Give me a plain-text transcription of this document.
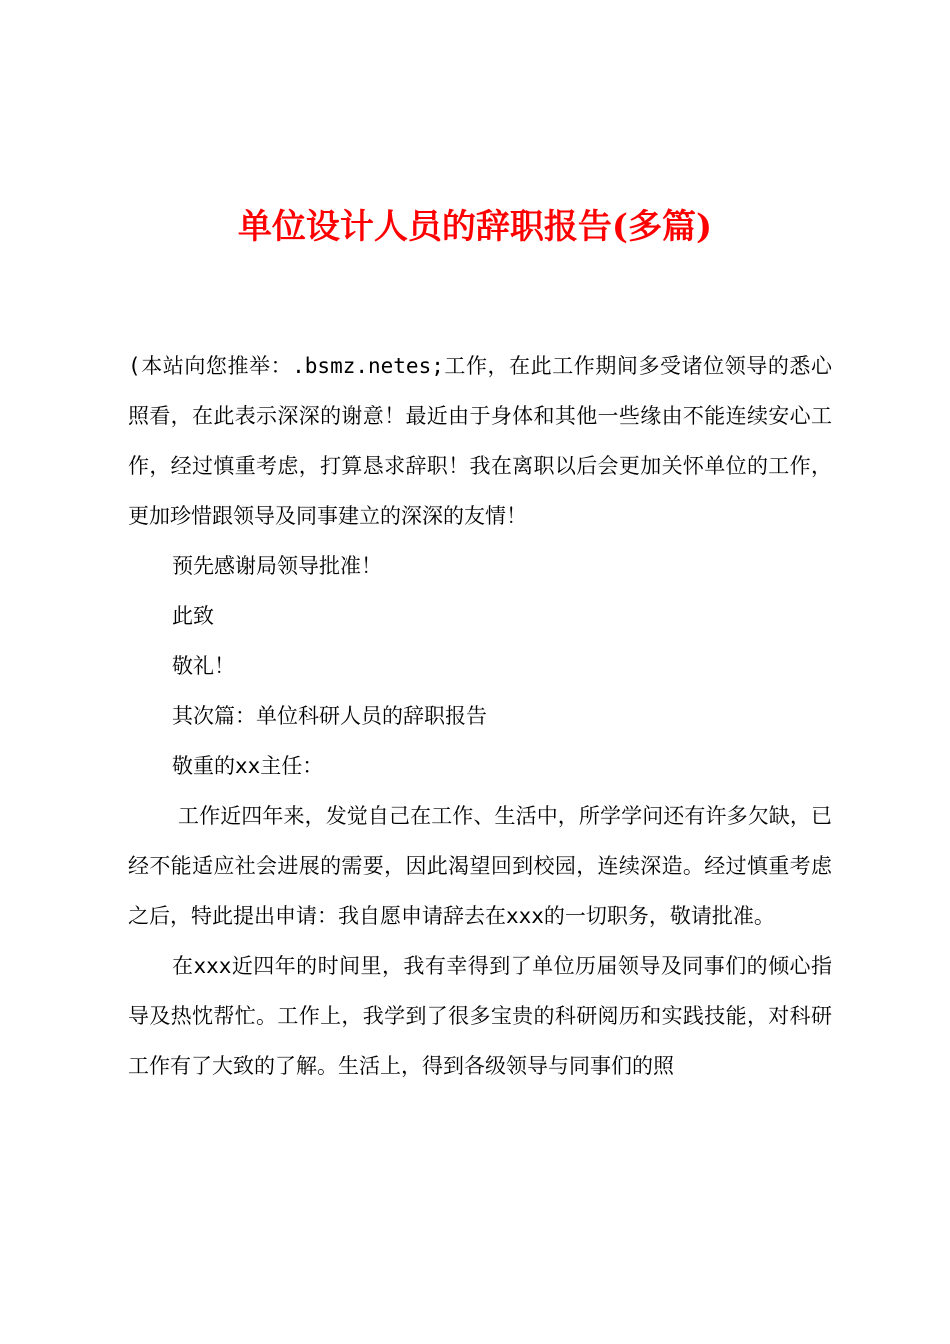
单位设计人员的辞职报告(多篇)

(本站向您推举：.bsmz.netes;工作，在此工作期间多受诸位领导的悉心照看，在此表示深深的谢意！最近由于身体和其他一些缘由不能连续安心工作，经过慎重考虑，打算恳求辞职！我在离职以后会更加关怀单位的工作，更加珍惜跟领导及同事建立的深深的友情！

预先感谢局领导批准！

此致

敬礼！

其次篇：单位科研人员的辞职报告

敬重的xx主任：

工作近四年来，发觉自己在工作、生活中，所学学问还有许多欠缺，已经不能适应社会进展的需要，因此渴望回到校园，连续深造。经过慎重考虑之后，特此提出申请：我自愿申请辞去在xxx的一切职务，敬请批准。

在xxx近四年的时间里，我有幸得到了单位历届领导及同事们的倾心指导及热忱帮忙。工作上，我学到了很多宝贵的科研阅历和实践技能，对科研工作有了大致的了解。生活上，得到各级领导与同事们的照
